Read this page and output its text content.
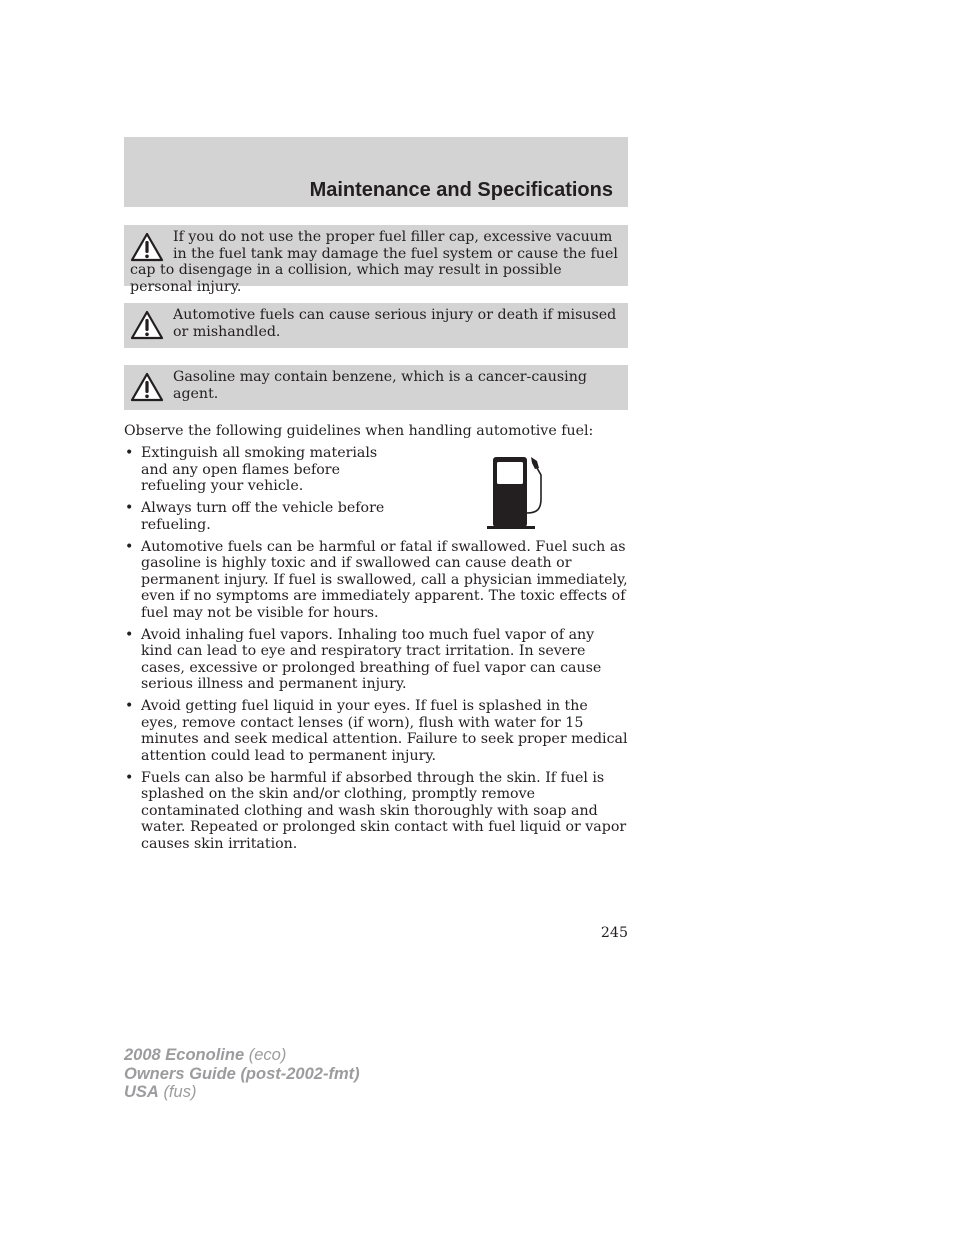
Maintenance and Specifications
If you do not use the proper fuel filler cap, excessive vacuum in the fuel tank may damage the fuel system or cause the fuel cap to disengage in a collision, which may result in possible personal injury.
Automotive fuels can cause serious injury or death if misused or mishandled.
Gasoline may contain benzene, which is a cancer-causing agent.

Observe the following guidelines when handling automotive fuel:

• Extinguish all smoking materials and any open flames before refueling your vehicle.
• Always turn off the vehicle before refueling.
• Automotive fuels can be harmful or fatal if swallowed. Fuel such as gasoline is highly toxic and if swallowed can cause death or permanent injury. If fuel is swallowed, call a physician immediately, even if no symptoms are immediately apparent. The toxic effects of fuel may not be visible for hours.
• Avoid inhaling fuel vapors. Inhaling too much fuel vapor of any kind can lead to eye and respiratory tract irritation. In severe cases, excessive or prolonged breathing of fuel vapor can cause serious illness and permanent injury.
• Avoid getting fuel liquid in your eyes. If fuel is splashed in the eyes, remove contact lenses (if worn), flush with water for 15 minutes and seek medical attention. Failure to seek proper medical attention could lead to permanent injury.
• Fuels can also be harmful if absorbed through the skin. If fuel is splashed on the skin and/or clothing, promptly remove contaminated clothing and wash skin thoroughly with soap and water. Repeated or prolonged skin contact with fuel liquid or vapor causes skin irritation.

245

2008 Econoline (eco)
Owners Guide (post-2002-fmt)
USA (fus)
